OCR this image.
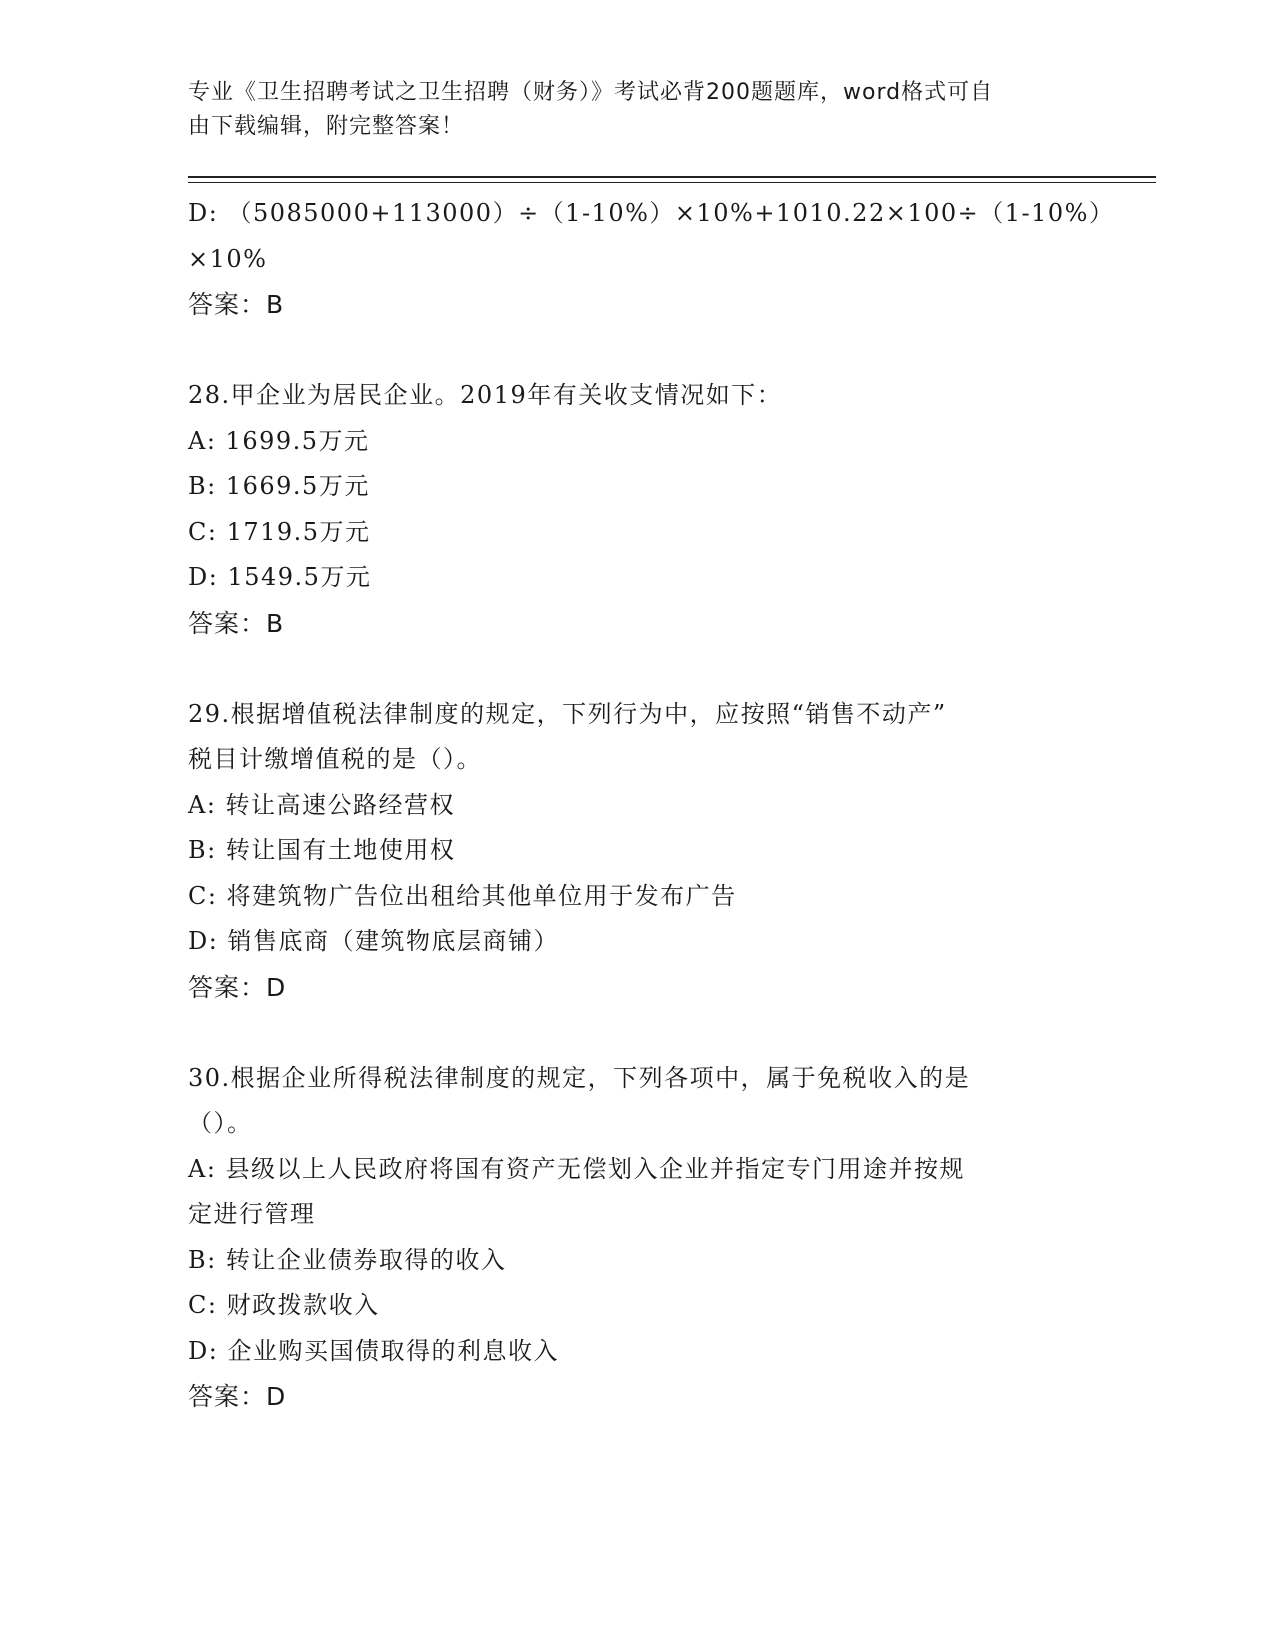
专业《卫生招聘考试之卫生招聘（财务）》考试必背200题题库，word格式可自
由下载编辑，附完整答案！
D: （5085000+113000）÷（1-10%）×10%+1010.22×100÷（1-10%）
×10%
答案：B
28.甲企业为居民企业。2019年有关收支情况如下：
A: 1699.5万元
B: 1669.5万元
C: 1719.5万元
D: 1549.5万元
答案：B
29.根据增值税法律制度的规定，下列行为中，应按照“销售不动产”
税目计缴增值税的是（）。
A: 转让高速公路经营权
B: 转让国有土地使用权
C: 将建筑物广告位出租给其他单位用于发布广告
D: 销售底商（建筑物底层商铺）
答案：D
30.根据企业所得税法律制度的规定，下列各项中，属于免税收入的是
（）。
A: 县级以上人民政府将国有资产无偿划入企业并指定专门用途并按规
定进行管理
B: 转让企业债券取得的收入
C: 财政拨款收入
D: 企业购买国债取得的利息收入
答案：D
